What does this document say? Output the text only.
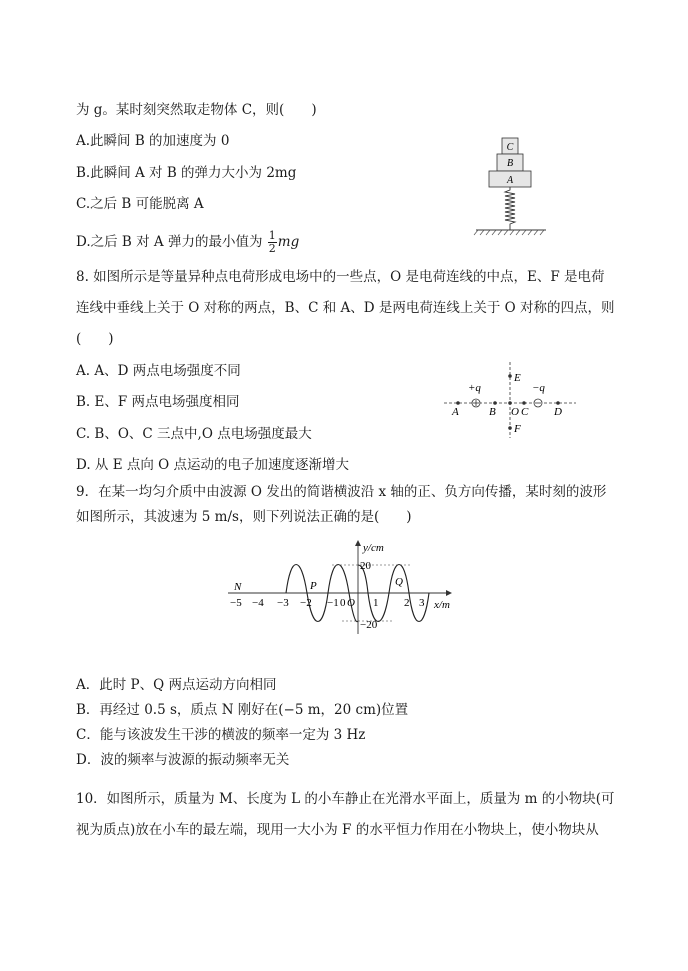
为 g。某时刻突然取走物体 C，则(　　)
A.此瞬间 B 的加速度为 0
B.此瞬间 A 对 B 的弹力大小为 2mg
C.之后 B 可能脱离 A
D.之后 B 对 A 弹力的最小值为 $\frac{1}{2}$ mg
C
B
A
8. 如图所示是等量异种点电荷形成电场中的一些点，O 是电荷连线的中点，E、F 是电荷
连线中垂线上关于 O 对称的两点，B、C 和 A、D 是两电荷连线上关于 O 对称的四点，则
(　　)
A. A、D 两点电场强度不同
B. E、F 两点电场强度相同
C. B、O、C 三点中,O 点电场强度最大
D. 从 E 点向 O 点运动的电子加速度逐渐增大
+q	−q
A	B O C D
E
F
9．在某一均匀介质中由波源 O 发出的简谐横波沿 x 轴的正、负方向传播，某时刻的波形
如图所示，其波速为 5 m/s，则下列说法正确的是(　　)
y/cm
x/m
20
−20
N	P	Q
O
−5 −4 −3 −2 −1 0	1 2 3
A．此时 P、Q 两点运动方向相同
B．再经过 0.5 s，质点 N 刚好在(−5 m，20 cm)位置
C．能与该波发生干涉的横波的频率一定为 3 Hz
D．波的频率与波源的振动频率无关
10．如图所示，质量为 M、长度为 L 的小车静止在光滑水平面上，质量为 m 的小物块(可
视为质点)放在小车的最左端，现用一大小为 F 的水平恒力作用在小物块上，使小物块从
